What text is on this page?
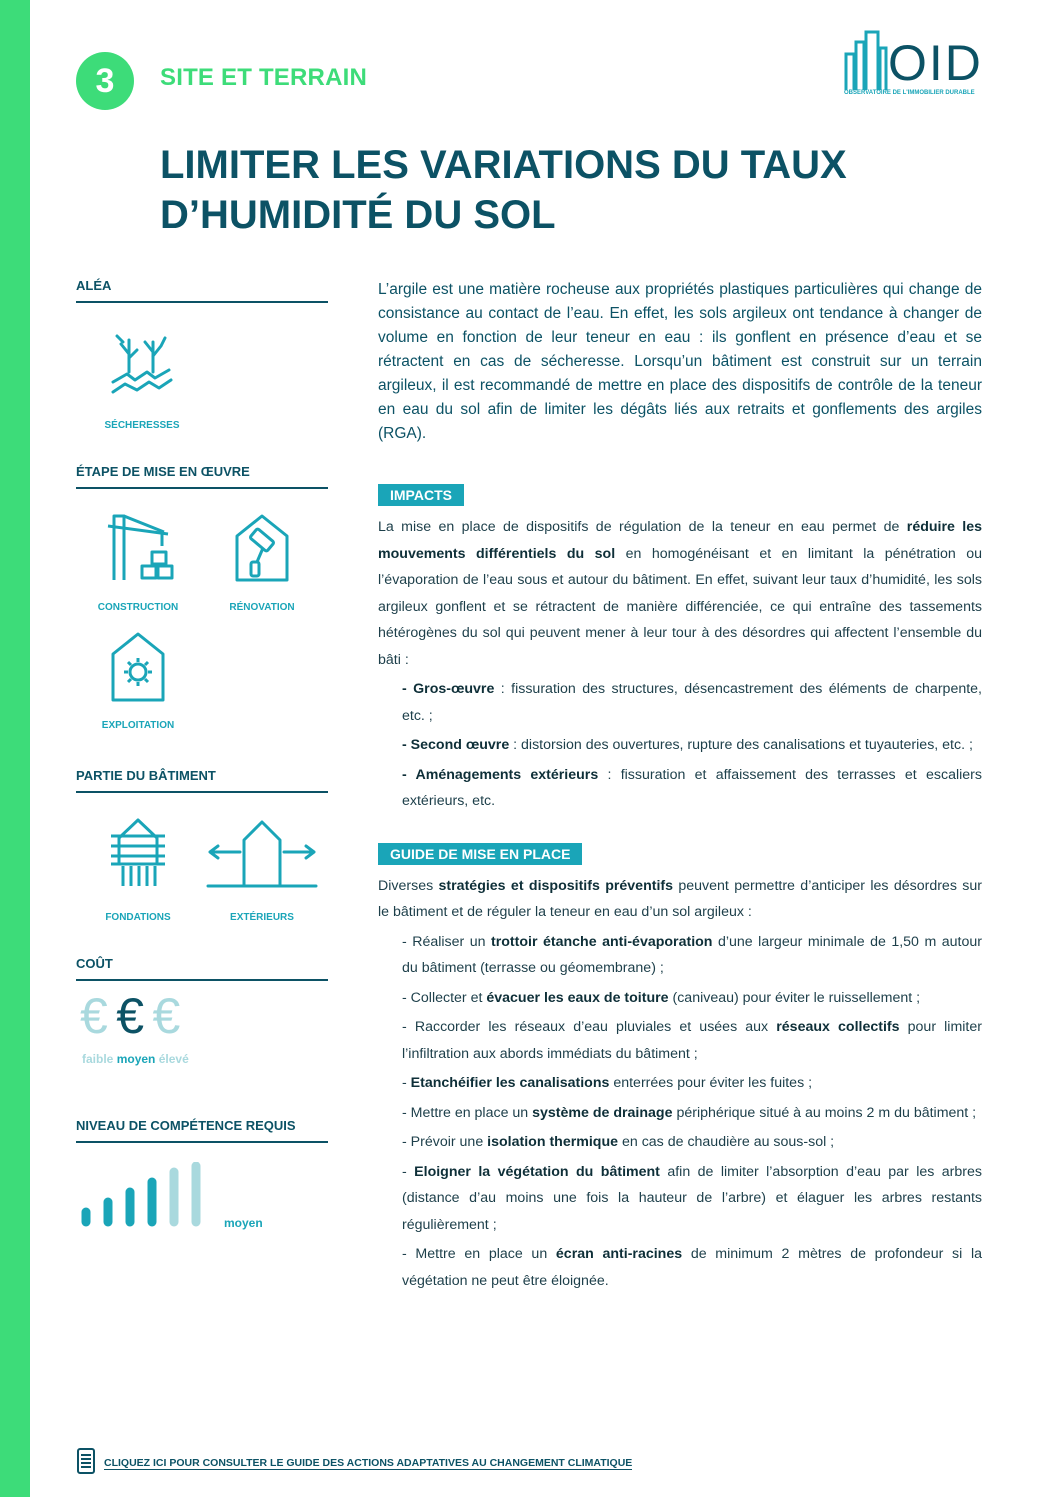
3	SITE ET TERRAIN	OID
OBSERVATOIRE DE L'IMMOBILIER DURABLE
LIMITER LES VARIATIONS DU TAUX
D’HUMIDITÉ DU SOL
ALÉA
SÉCHERESSES
ÉTAPE DE MISE EN ŒUVRE
CONSTRUCTION	RÉNOVATION
EXPLOITATION
PARTIE DU BÂTIMENT
FONDATIONS	EXTÉRIEURS
COÛT
€ € €
faible moyen élevé
NIVEAU DE COMPÉTENCE REQUIS
moyen

L’argile est une matière rocheuse aux propriétés plastiques particulières qui change de consistance au contact de l’eau. En effet, les sols argileux ont tendance à changer de volume en fonction de leur teneur en eau : ils gonflent en présence d’eau et se rétractent en cas de sécheresse. Lorsqu’un bâtiment est construit sur un terrain argileux, il est recommandé de mettre en place des dispositifs de contrôle de la teneur en eau du sol afin de limiter les dégâts liés aux retraits et gonflements des argiles (RGA).

IMPACTS

La mise en place de dispositifs de régulation de la teneur en eau permet de réduire les mouvements différentiels du sol en homogénéisant et en limitant la pénétration ou l’évaporation de l’eau sous et autour du bâtiment. En effet, suivant leur taux d’humidité, les sols argileux gonflent et se rétractent de manière différenciée, ce qui entraîne des tassements hétérogènes du sol qui peuvent mener à leur tour à des désordres qui affectent l’ensemble du bâti :

- Gros-œuvre : fissuration des structures, désencastrement des éléments de charpente, etc. ;

- Second œuvre : distorsion des ouvertures, rupture des canalisations et tuyauteries, etc. ;

- Aménagements extérieurs : fissuration et affaissement des terrasses et escaliers extérieurs, etc.

GUIDE DE MISE EN PLACE

Diverses stratégies et dispositifs préventifs peuvent permettre d’anticiper les désordres sur le bâtiment et de réguler la teneur en eau d’un sol argileux :

- Réaliser un trottoir étanche anti-évaporation d’une largeur minimale de 1,50 m autour du bâtiment (terrasse ou géomembrane) ;

- Collecter et évacuer les eaux de toiture (caniveau) pour éviter le ruissellement ;

- Raccorder les réseaux d’eau pluviales et usées aux réseaux collectifs pour limiter l’infiltration aux abords immédiats du bâtiment ;

- Etanchéifier les canalisations enterrées pour éviter les fuites ;

- Mettre en place un système de drainage périphérique situé à au moins 2 m du bâtiment ;

- Prévoir une isolation thermique en cas de chaudière au sous-sol ;

- Eloigner la végétation du bâtiment afin de limiter l’absorption d’eau par les arbres (distance d’au moins une fois la hauteur de l’arbre) et élaguer les arbres restants régulièrement ;

- Mettre en place un écran anti-racines de minimum 2 mètres de profondeur si la végétation ne peut être éloignée.

CLIQUEZ ICI POUR CONSULTER LE GUIDE DES ACTIONS ADAPTATIVES AU CHANGEMENT CLIMATIQUE
